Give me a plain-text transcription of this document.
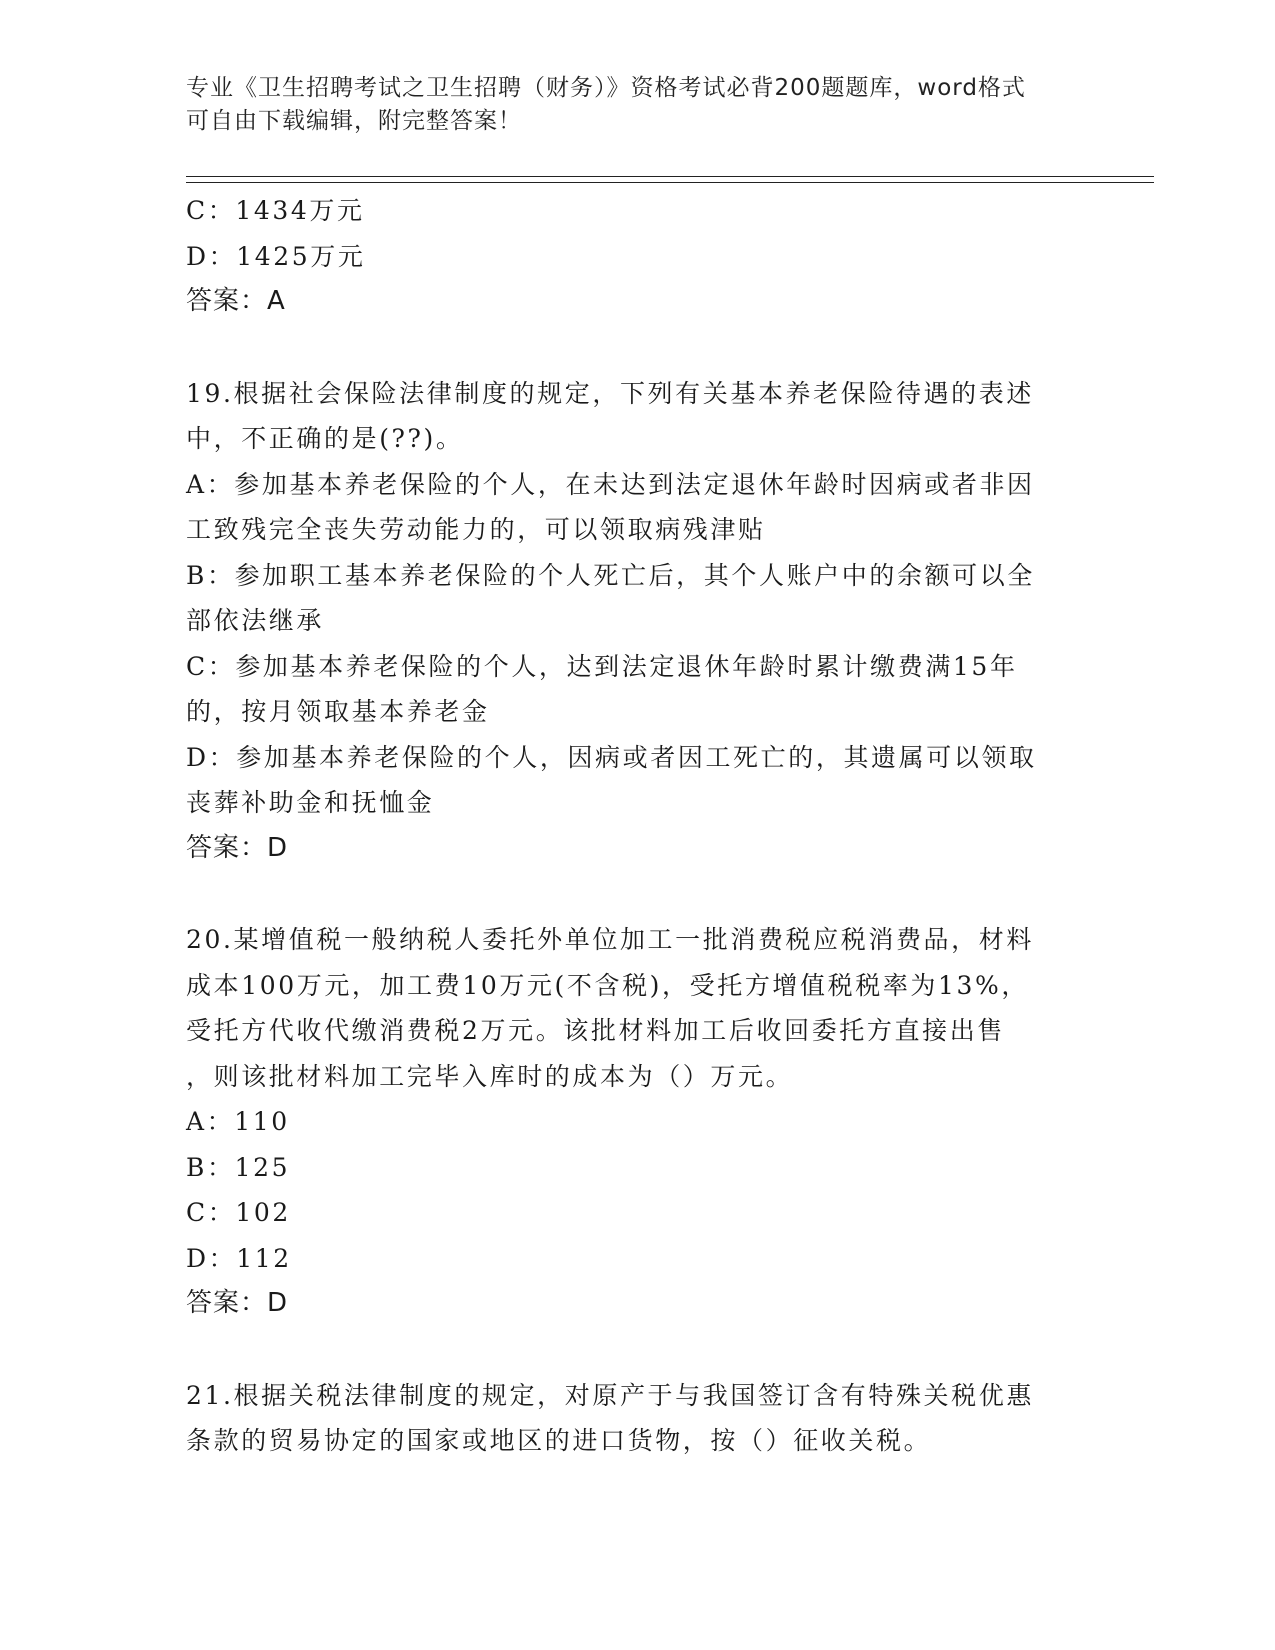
专业《卫生招聘考试之卫生招聘（财务）》资格考试必背200题题库，word格式
可自由下载编辑，附完整答案！
C：1434万元
D：1425万元
答案：A
19.根据社会保险法律制度的规定，下列有关基本养老保险待遇的表述
中，不正确的是(??)。
A：参加基本养老保险的个人，在未达到法定退休年龄时因病或者非因
工致残完全丧失劳动能力的，可以领取病残津贴
B：参加职工基本养老保险的个人死亡后，其个人账户中的余额可以全
部依法继承
C：参加基本养老保险的个人，达到法定退休年龄时累计缴费满15年
的，按月领取基本养老金
D：参加基本养老保险的个人，因病或者因工死亡的，其遗属可以领取
丧葬补助金和抚恤金
答案：D
20.某增值税一般纳税人委托外单位加工一批消费税应税消费品，材料
成本100万元，加工费10万元(不含税)，受托方增值税税率为13%，
受托方代收代缴消费税2万元。该批材料加工后收回委托方直接出售
，则该批材料加工完毕入库时的成本为（）万元。
A：110
B：125
C：102
D：112
答案：D
21.根据关税法律制度的规定，对原产于与我国签订含有特殊关税优惠
条款的贸易协定的国家或地区的进口货物，按（）征收关税。
